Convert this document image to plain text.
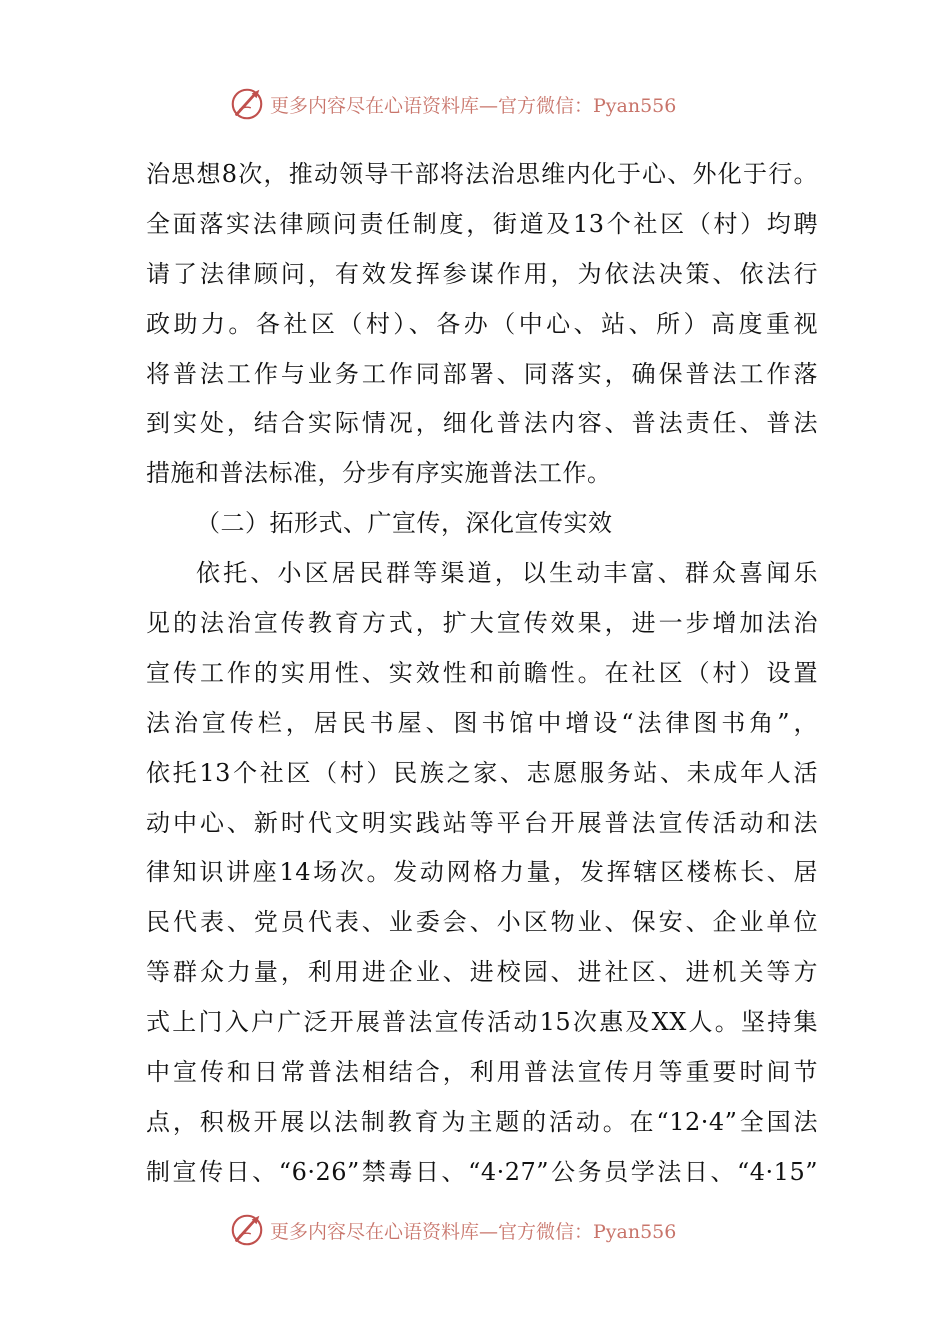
更多内容尽在心语资料库—官方微信：Pyan556
治思想8次，推动领导干部将法治思维内化于心、外化于行。
全面落实法律顾问责任制度，街道及13个社区（村）均聘
请了法律顾问，有效发挥参谋作用，为依法决策、依法行
政助力。各社区（村）、各办（中心、站、所）高度重视
将普法工作与业务工作同部署、同落实，确保普法工作落
到实处，结合实际情况，细化普法内容、普法责任、普法
措施和普法标准，分步有序实施普法工作。
（二）拓形式、广宣传，深化宣传实效
依托、小区居民群等渠道，以生动丰富、群众喜闻乐
见的法治宣传教育方式，扩大宣传效果，进一步增加法治
宣传工作的实用性、实效性和前瞻性。在社区（村）设置
法治宣传栏，居民书屋、图书馆中增设“法律图书角”，
依托13个社区（村）民族之家、志愿服务站、未成年人活
动中心、新时代文明实践站等平台开展普法宣传活动和法
律知识讲座14场次。发动网格力量，发挥辖区楼栋长、居
民代表、党员代表、业委会、小区物业、保安、企业单位
等群众力量，利用进企业、进校园、进社区、进机关等方
式上门入户广泛开展普法宣传活动15次惠及XX人。坚持集
中宣传和日常普法相结合，利用普法宣传月等重要时间节
点，积极开展以法制教育为主题的活动。在“12·4”全国法
制宣传日、“6·26”禁毒日、“4·27”公务员学法日、“4·15”
更多内容尽在心语资料库—官方微信：Pyan556
